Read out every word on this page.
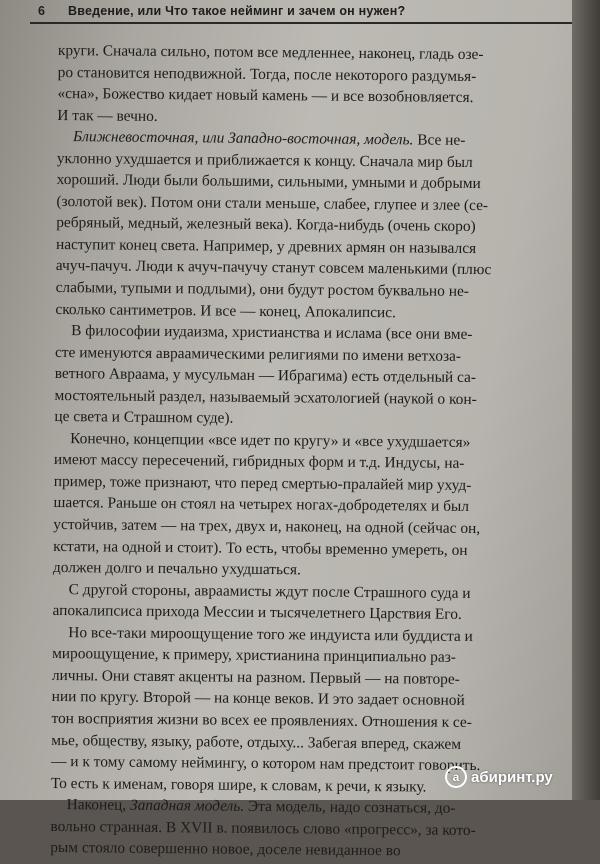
6	Введение, или Что такое нейминг и зачем он нужен?
круги. Сначала сильно, потом все медленнее, наконец, гладь озе-
ро становится неподвижной. Тогда, после некоторого раздумья-
«сна», Божество кидает новый камень — и все возобновляется.
И так — вечно.
Ближневосточная, или Западно-восточная, модель. Все не-
уклонно ухудшается и приближается к концу. Сначала мир был
хороший. Люди были большими, сильными, умными и добрыми
(золотой век). Потом они стали меньше, слабее, глупее и злее (се-
ребряный, медный, железный века). Когда-нибудь (очень скоро)
наступит конец света. Например, у древних армян он назывался
ачуч-пачуч. Люди к ачуч-пачучу станут совсем маленькими (плюс
слабыми, тупыми и подлыми), они будут ростом буквально не-
сколько сантиметров. И все — конец, Апокалипсис.
В философии иудаизма, христианства и ислама (все они вме-
сте именуются авраамическими религиями по имени ветхоза-
ветного Авраама, у мусульман — Ибрагима) есть отдельный са-
мостоятельный раздел, называемый эсхатологией (наукой о кон-
це света и Страшном суде).
Конечно, концепции «все идет по кругу» и «все ухудшается»
имеют массу пересечений, гибридных форм и т.д. Индусы, на-
пример, тоже признают, что перед смертью-пралайей мир ухуд-
шается. Раньше он стоял на четырех ногах-добродетелях и был
устойчив, затем — на трех, двух и, наконец, на одной (сейчас он,
кстати, на одной и стоит). То есть, чтобы временно умереть, он
должен долго и печально ухудшаться.
С другой стороны, авраамисты ждут после Страшного суда и
апокалипсиса прихода Мессии и тысячелетнего Царствия Его.
Но все-таки мироощущение того же индуиста или буддиста и
мироощущение, к примеру, христианина принципиально раз-
личны. Они ставят акценты на разном. Первый — на повторе-
нии по кругу. Второй — на конце веков. И это задает основной
тон восприятия жизни во всех ее проявлениях. Отношения к се-
мье, обществу, языку, работе, отдыху... Забегая вперед, скажем
— и к тому самому неймингу, о котором нам предстоит говорить.
То есть к именам, говоря шире, к словам, к речи, к языку.
Наконец, Западная модель. Эта модель, надо сознаться, до-
вольно странная. В XVII в. появилось слово «прогресс», за кото-
рым стояло совершенно новое, доселе невиданное во
a абиринт.ру
